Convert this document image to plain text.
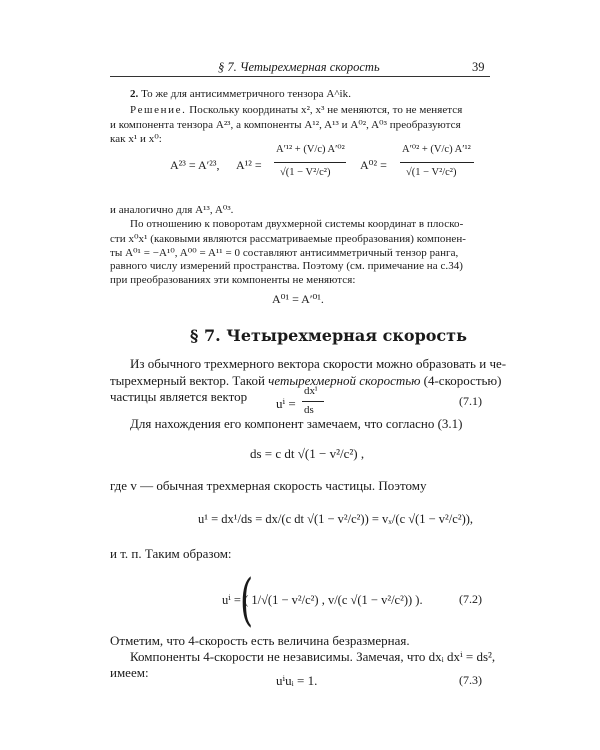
§ 7. Четырехмерная скорость	39
2. То же для антисимметричного тензора A^ik.
Решение. Поскольку координаты x², x³ не меняются, то не меняется
и компонента тензора A²³, а компоненты A¹², A¹³ и A⁰², A⁰³ преобразуются
как x¹ и x⁰:
A²³ = A′²³, A¹² =
A′¹² + (V/c) A′⁰²
√(1 − V²/c²)
A⁰² =
A′⁰² + (V/c) A′¹²
√(1 − V²/c²)
и аналогично для A¹³, A⁰³.
По отношению к поворотам двухмерной системы координат в плоско-
сти x⁰x¹ (каковыми являются рассматриваемые преобразования) компонен-
ты A⁰¹ = −A¹⁰, A⁰⁰ = A¹¹ = 0 составляют антисимметричный тензор ранга,
равного числу измерений пространства. Поэтому (см. примечание на с.34)
при преобразованиях эти компоненты не меняются:
A⁰¹ = A′⁰¹.
§ 7. Четырехмерная скорость
Из обычного трехмерного вектора скорости можно образовать и че-
тырехмерный вектор. Такой четырехмерной скоростью (4-скоростью)
частицы является вектор uⁱ =
dxⁱ
ds
(7.1)
Для нахождения его компонент замечаем, что согласно (3.1)
ds = c dt √(1 − v²/c²) ,
где v — обычная трехмерная скорость частицы. Поэтому
u¹ = dx¹/ds = dx/(c dt √(1 − v²/c²)) = vₓ/(c √(1 − v²/c²)),
и т. п. Таким образом:
(
uⁱ = ( 1/√(1 − v²/c²) , v/(c √(1 − v²/c²)) ).	(7.2)
Отметим, что 4-скорость есть величина безразмерная.
Компоненты 4-скорости не независимы. Замечая, что dxᵢ dxⁱ = ds²,
имеем:
uⁱuᵢ = 1.	(7.3)
